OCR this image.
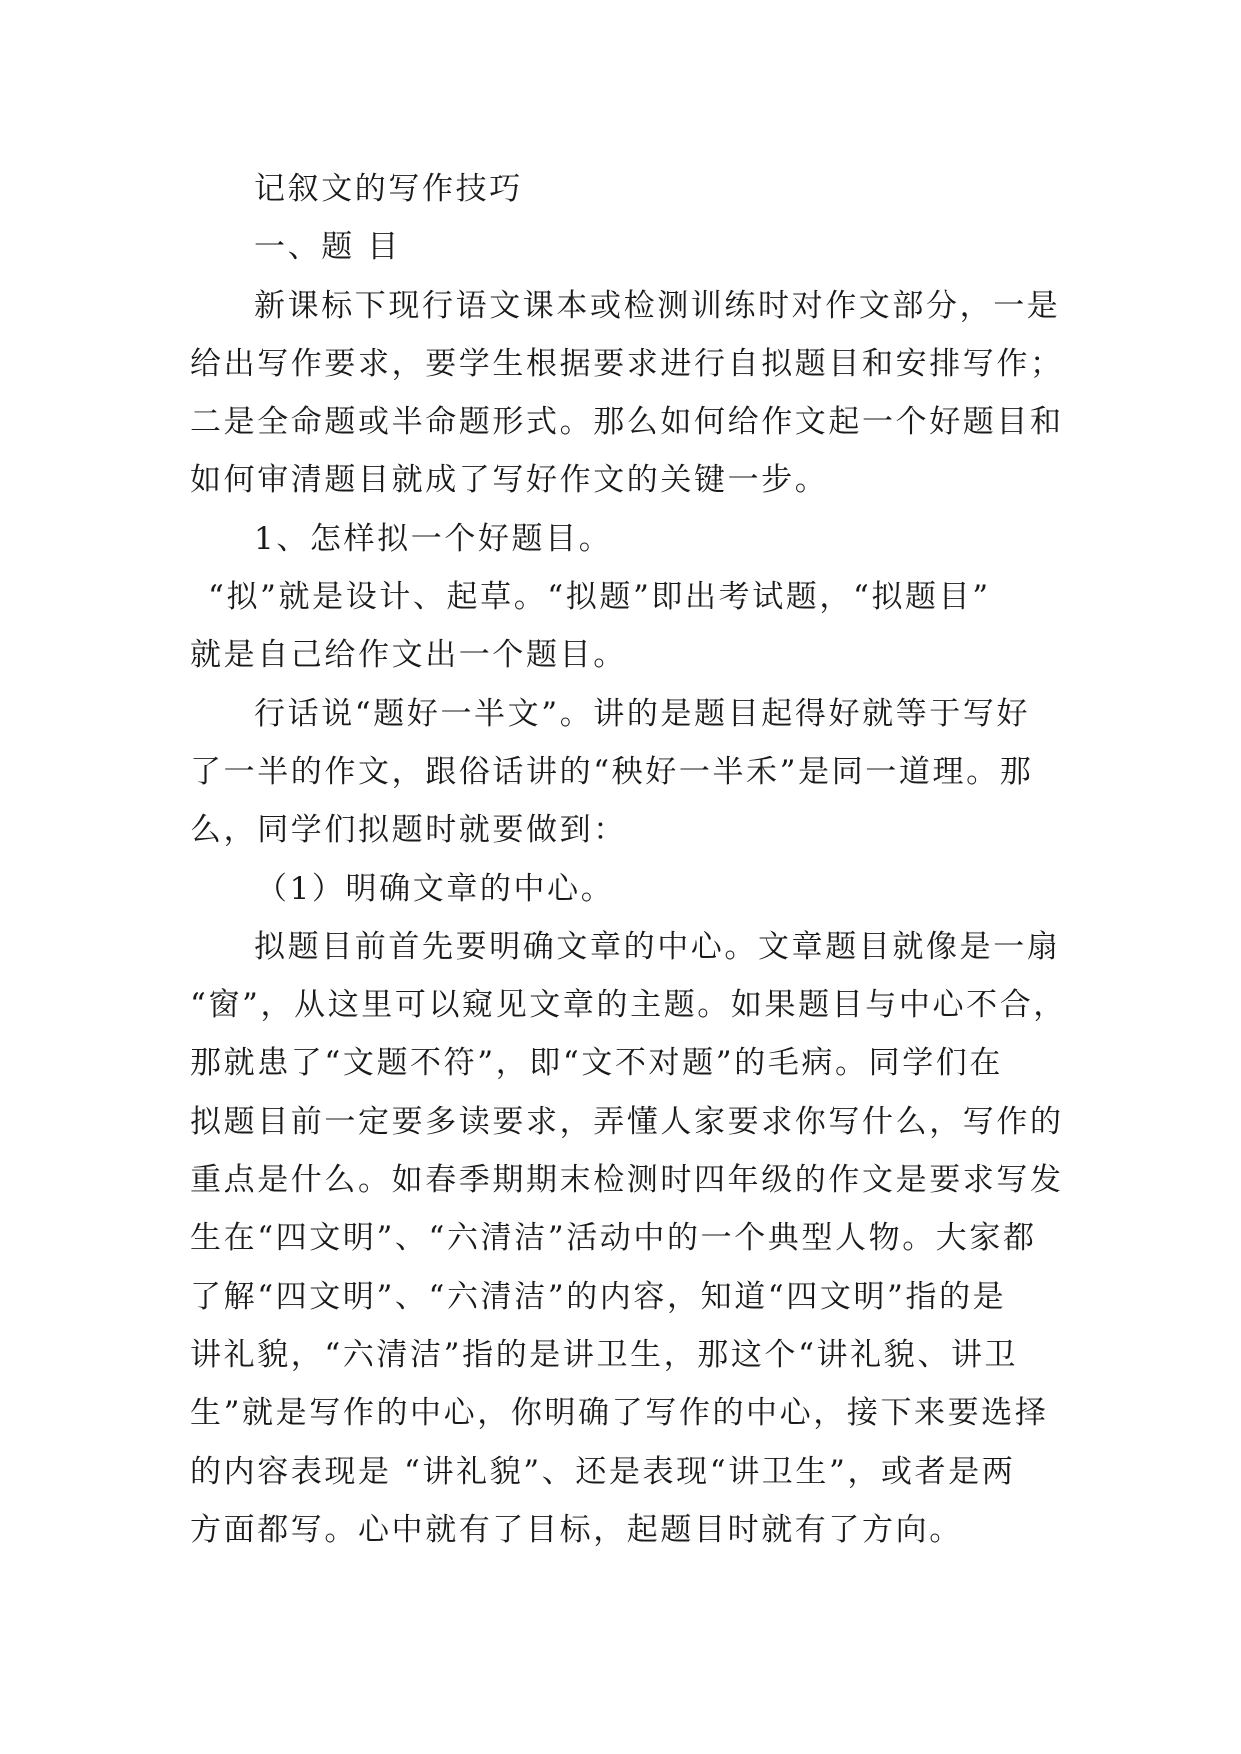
记叙文的写作技巧

一、题 目

新课标下现行语文课本或检测训练时对作文部分，一是

给出写作要求，要学生根据要求进行自拟题目和安排写作；

二是全命题或半命题形式。那么如何给作文起一个好题目和

如何审清题目就成了写好作文的关键一步。

1、怎样拟一个好题目。

“拟”就是设计、起草。“拟题”即出考试题，“拟题目”

就是自己给作文出一个题目。

行话说“题好一半文”。讲的是题目起得好就等于写好

了一半的作文，跟俗话讲的“秧好一半禾”是同一道理。那

么，同学们拟题时就要做到：

（1）明确文章的中心。

拟题目前首先要明确文章的中心。文章题目就像是一扇

“窗”，从这里可以窥见文章的主题。如果题目与中心不合，

那就患了“文题不符”，即“文不对题”的毛病。同学们在

拟题目前一定要多读要求，弄懂人家要求你写什么，写作的

重点是什么。如春季期期末检测时四年级的作文是要求写发

生在“四文明”、“六清洁”活动中的一个典型人物。大家都

了解“四文明”、“六清洁”的内容，知道“四文明”指的是

讲礼貌，“六清洁”指的是讲卫生，那这个“讲礼貌、讲卫

生”就是写作的中心，你明确了写作的中心，接下来要选择

的内容表现是 “讲礼貌”、还是表现“讲卫生”，或者是两

方面都写。心中就有了目标，起题目时就有了方向。
